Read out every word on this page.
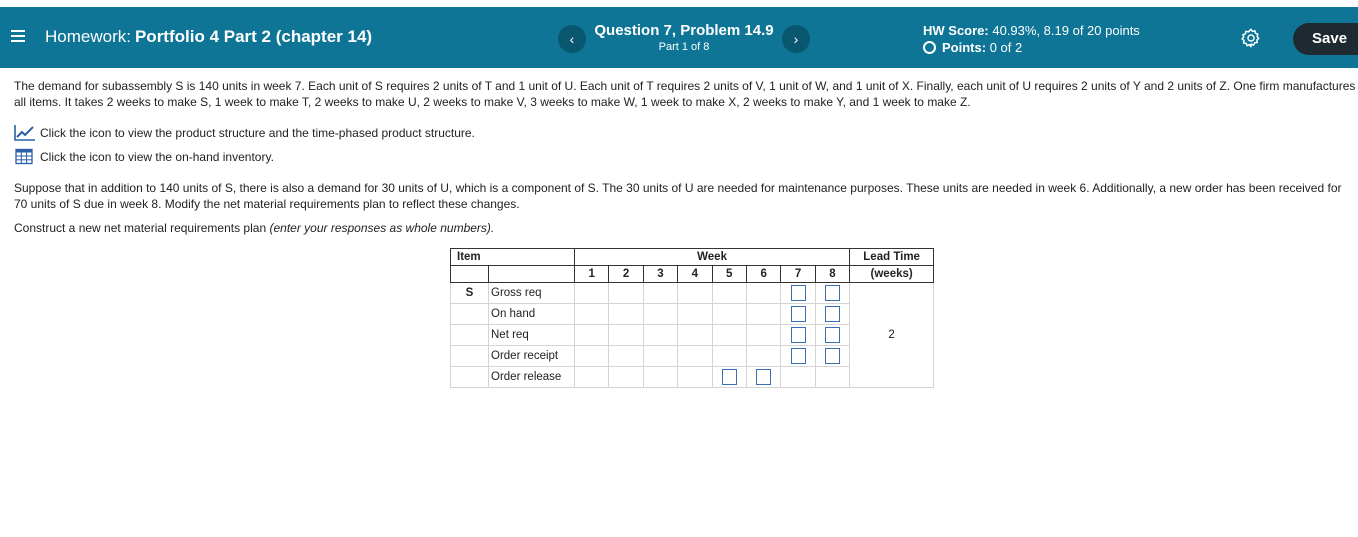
Homework: Portfolio 4 Part 2 (chapter 14)	‹	Question 7, Problem 14.9
Part 1 of 8	›
HW Score: 40.93%, 8.19 of 20 points
Points: 0 of 2
Save
The demand for subassembly S is 140 units in week 7. Each unit of S requires 2 units of T and 1 unit of U. Each unit of T requires 2 units of V, 1 unit of W, and 1 unit of X. Finally, each unit of U requires 2 units of Y and 2 units of Z. One firm manufactures all items. It takes 2 weeks to make S, 1 week to make T, 2 weeks to make U, 2 weeks to make V, 3 weeks to make W, 1 week to make X, 2 weeks to make Y, and 1 week to make Z.
Click the icon to view the product structure and the time-phased product structure.
Click the icon to view the on-hand inventory.
Suppose that in addition to 140 units of S, there is also a demand for 30 units of U, which is a component of S. The 30 units of U are needed for maintenance purposes. These units are needed in week 6. Additionally, a new order has been received for 70 units of S due in week 8. Modify the net material requirements plan to reflect these changes.
Construct a new net material requirements plan (enter your responses as whole numbers).
Item		Week								Lead Time
		1	2	3	4	5	6	7	8	(weeks)
S	Gross req									2
	On hand									
	Net req									
	Order receipt									
	Order release									
